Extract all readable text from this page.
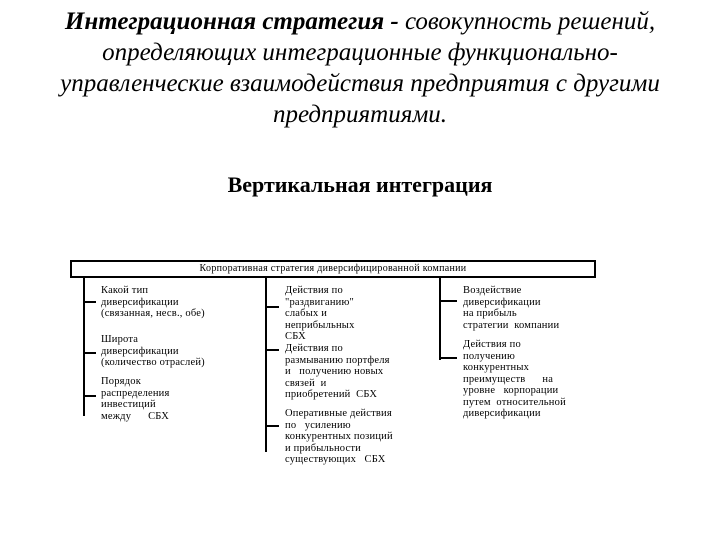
Интеграционная стратегия - совокупность решений, определяющих интеграционные функционально-управленческие взаимодействия предприятия с другими предприятиями.
Вертикальная интеграция
Корпоративная стратегия диверсифицированной компании
Какой тип
диверсификации
(связанная, несв., обе)
Широта
диверсификации
(количество отраслей)
Порядок
распределения
инвестиций
между      СБХ
Действия по
"раздвиганию"
слабых и
неприбыльных
СБХ
Действия по
размыванию портфеля
и   получению новых
связей  и
приобретений  СБХ
Оперативные действия
по   усилению
конкурентных позиций
и прибыльности
существующих   СБХ
Воздействие
диверсификации
на прибыль
стратегии  компании
Действия по
получению
конкурентных
преимуществ      на
уровне   корпорации
путем  относительной
диверсификации
